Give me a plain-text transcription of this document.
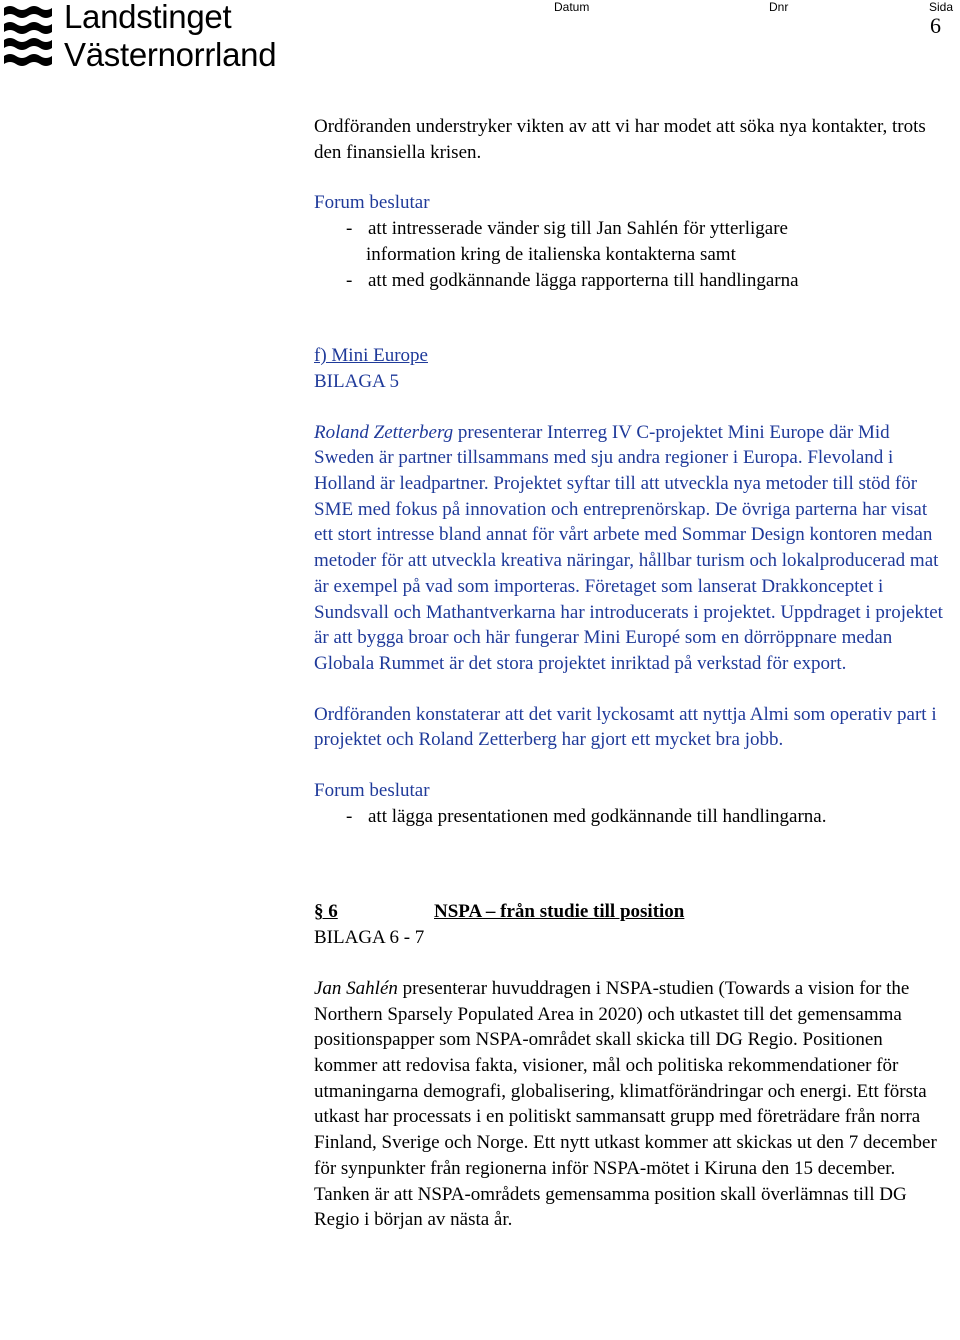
Landstinget
Västernorrland
Datum	Dnr	Sida
6

Ordföranden understryker vikten av att vi har modet att söka nya kontakter, trots den finansiella krisen.

Forum beslutar

- att intresserade vänder sig till Jan Sahlén för ytterligare
information kring de italienska kontakterna samt
- att med godkännande lägga rapporterna till handlingarna

f) Mini Europe

BILAGA 5

Roland Zetterberg presenterar Interreg IV C-projektet Mini Europe där Mid Sweden är partner tillsammans med sju andra regioner i Europa. Flevoland i Holland är leadpartner. Projektet syftar till att utveckla nya metoder till stöd för SME med fokus på innovation och entreprenörskap. De övriga parterna har visat ett stort intresse bland annat för vårt arbete med Sommar Design kontoren medan metoder för att utveckla kreativa näringar, hållbar turism och lokalproducerad mat är exempel på vad som importeras. Företaget som lanserat Drakkonceptet i Sundsvall och Mathantverkarna har introducerats i projektet. Uppdraget i projektet är att bygga broar och här fungerar Mini Europé som en dörröppnare medan Globala Rummet är det stora projektet inriktad på verkstad för export.

Ordföranden konstaterar att det varit lyckosamt att nyttja Almi som operativ part i projektet och Roland Zetterberg har gjort ett mycket bra jobb.

Forum beslutar

- att lägga presentationen med godkännande till handlingarna.
§ 6	NSPA – från studie till position

BILAGA 6 - 7

Jan Sahlén presenterar huvuddragen i NSPA-studien (Towards a vision for the Northern Sparsely Populated Area in 2020) och utkastet till det gemensamma positionspapper som NSPA-området skall skicka till DG Regio. Positionen kommer att redovisa fakta, visioner, mål och politiska rekommendationer för utmaningarna demografi, globalisering, klimatförändringar och energi. Ett första utkast har processats i en politiskt sammansatt grupp med företrädare från norra Finland, Sverige och Norge. Ett nytt utkast kommer att skickas ut den 7 december för synpunkter från regionerna inför NSPA-mötet i Kiruna den 15 december. Tanken är att NSPA-områdets gemensamma position skall överlämnas till DG Regio i början av nästa år.
